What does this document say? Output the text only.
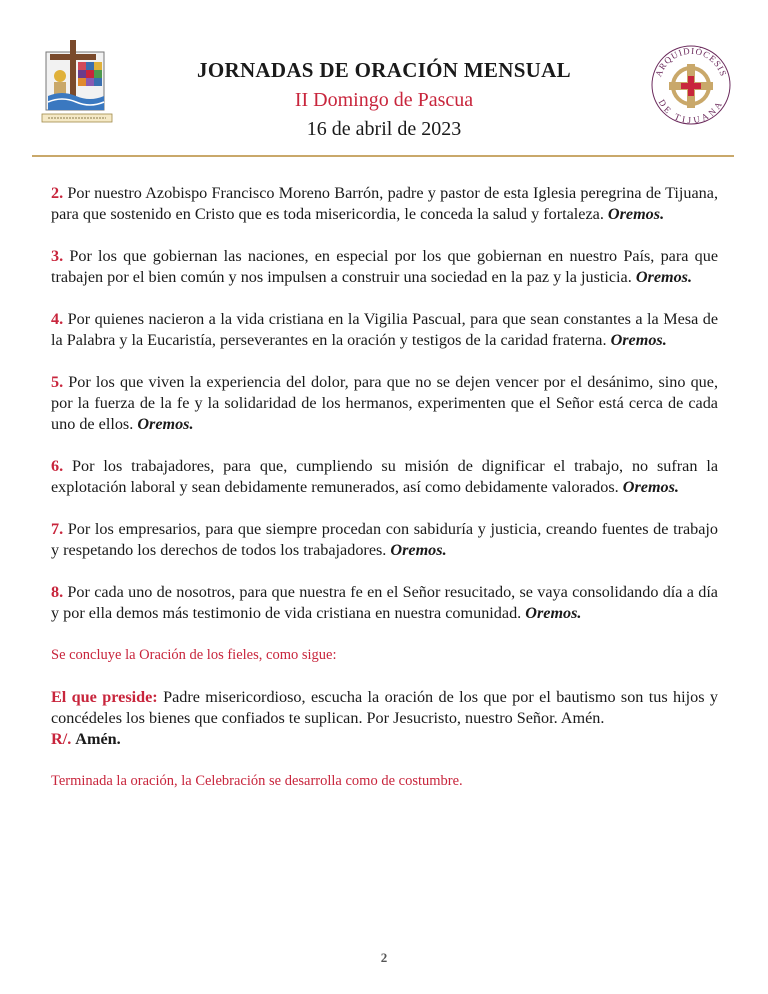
JORNADAS DE ORACIÓN MENSUAL
II Domingo de Pascua
16 de abril de 2023
ARQUIDIÓCESIS
DE TIJUANA

2. Por nuestro Azobispo Francisco Moreno Barrón, padre y pastor de esta Iglesia peregrina de Tijuana, para que sostenido en Cristo que es toda misericordia, le conceda la salud y fortaleza. Oremos.

3. Por los que gobiernan las naciones, en especial por los que gobiernan en nuestro País, para que trabajen por el bien común y nos impulsen a construir una sociedad en la paz y la justicia. Oremos.

4. Por quienes nacieron a la vida cristiana en la Vigilia Pascual, para que sean constantes a la Mesa de la Palabra y la Eucaristía, perseverantes en la oración y testigos de la caridad fraterna. Oremos.

5. Por los que viven la experiencia del dolor, para que no se dejen vencer por el desánimo, sino que, por la fuerza de la fe y la solidaridad de los hermanos, experimenten que el Señor está cerca de cada uno de ellos. Oremos.

6. Por los trabajadores, para que, cumpliendo su misión de dignificar el trabajo, no sufran la explotación laboral y sean debidamente remunerados, así como debidamente valorados. Oremos.

7. Por los empresarios, para que siempre procedan con sabiduría y justicia, creando fuentes de trabajo y respetando los derechos de todos los trabajadores. Oremos.

8. Por cada uno de nosotros, para que nuestra fe en el Señor resucitado, se vaya consolidando día a día y por ella demos más testimonio de vida cristiana en nuestra comunidad. Oremos.

Se concluye la Oración de los fieles, como sigue:

El que preside: Padre misericordioso, escucha la oración de los que por el bautismo son tus hijos y concédeles los bienes que confiados te suplican. Por Jesucristo, nuestro Señor. Amén.
R/. Amén.

Terminada la oración, la Celebración se desarrolla como de costumbre.

2
